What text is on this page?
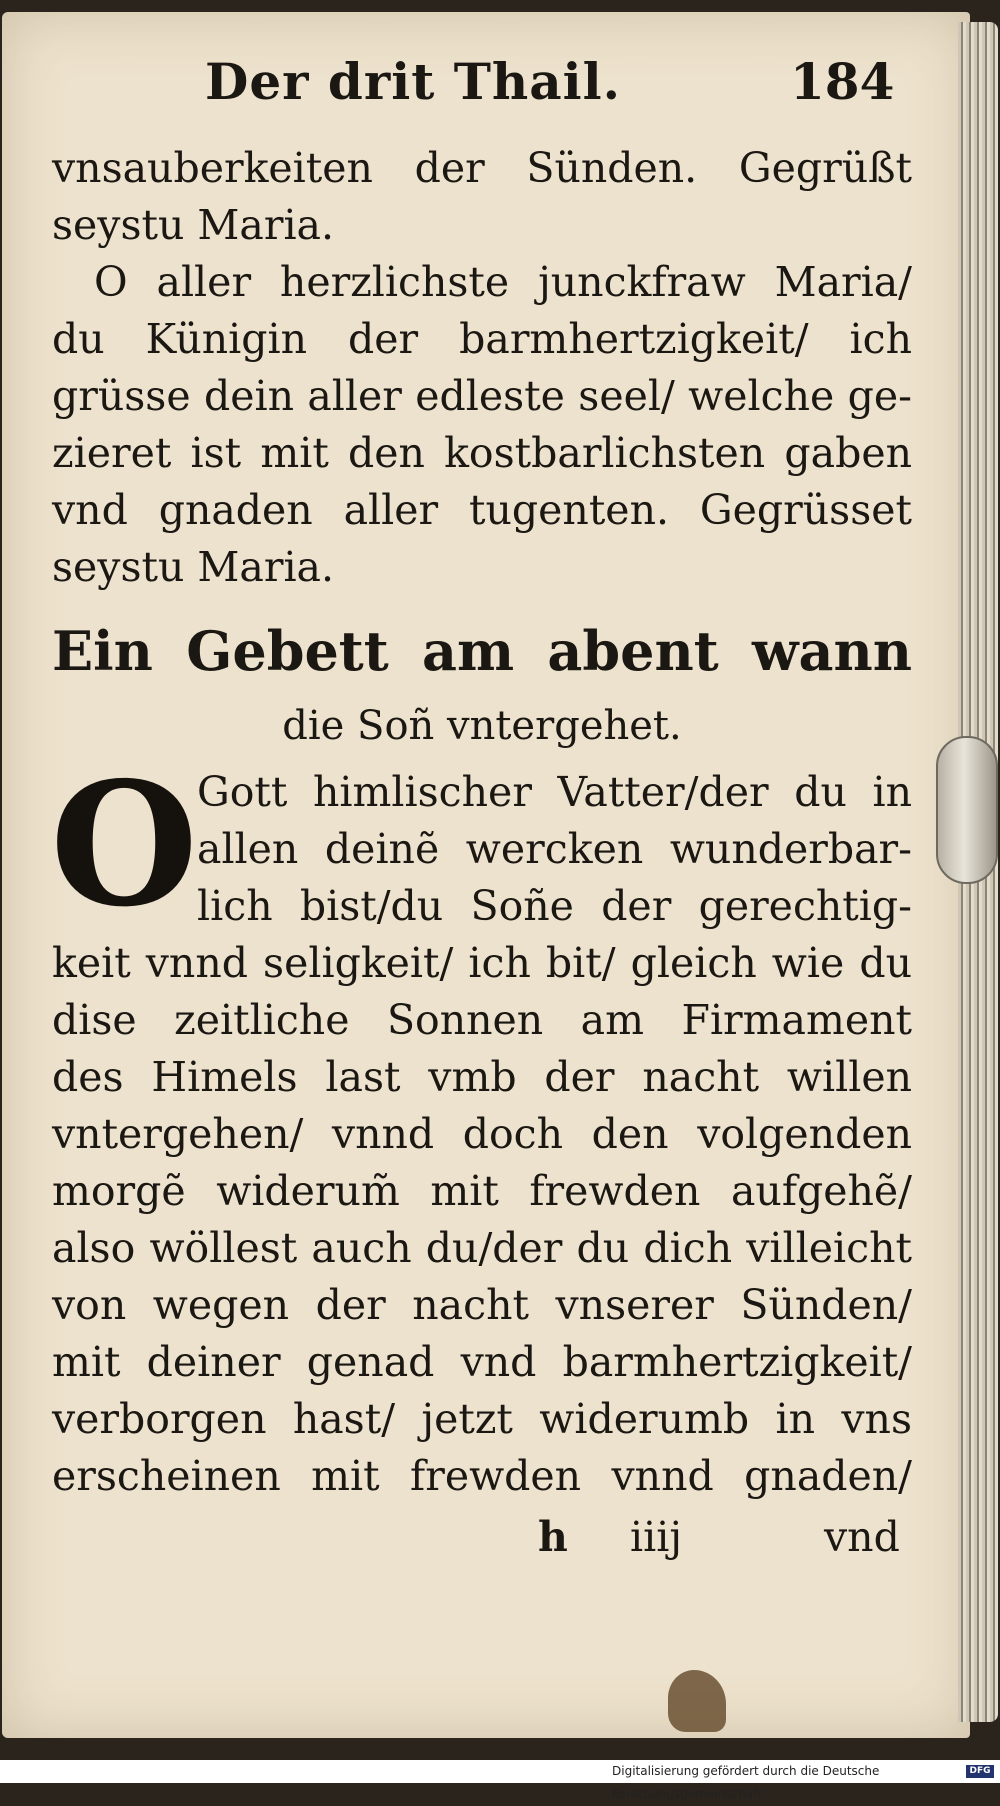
Der drit Thail.	184
vnsauberkeiten der Sünden. Gegrüßt
seystu Maria.
O aller herzlichste junckfraw Maria/
du Künigin der barmhertzigkeit/ ich
grüsse dein aller edleste seel/ welche ge-
zieret ist mit den kostbarlichsten gaben
vnd gnaden aller tugenten. Gegrüsset
seystu Maria.
Ein Gebett am abent wann
die Soñ vntergehet.
O
Gott himlischer Vatter/der du in
allen deinẽ wercken wunderbar-
lich bist/du Soñe der gerechtig-
keit vnnd seligkeit/ ich bit/ gleich wie du
dise zeitliche Sonnen am Firmament
des Himels last vmb der nacht willen
vntergehen/ vnnd doch den volgenden
morgẽ widerum̃ mit frewden aufgehẽ/
also wöllest auch du/der du dich villeicht
von wegen der nacht vnserer Sünden/
mit deiner genad vnd barmhertzigkeit/
verborgen hast/ jetzt widerumb in vns
erscheinen mit frewden vnnd gnaden/
h iiij	vnd
Digitalisierung gefördert durch die Deutsche Forschungsgemeinschaft ·
DFG
